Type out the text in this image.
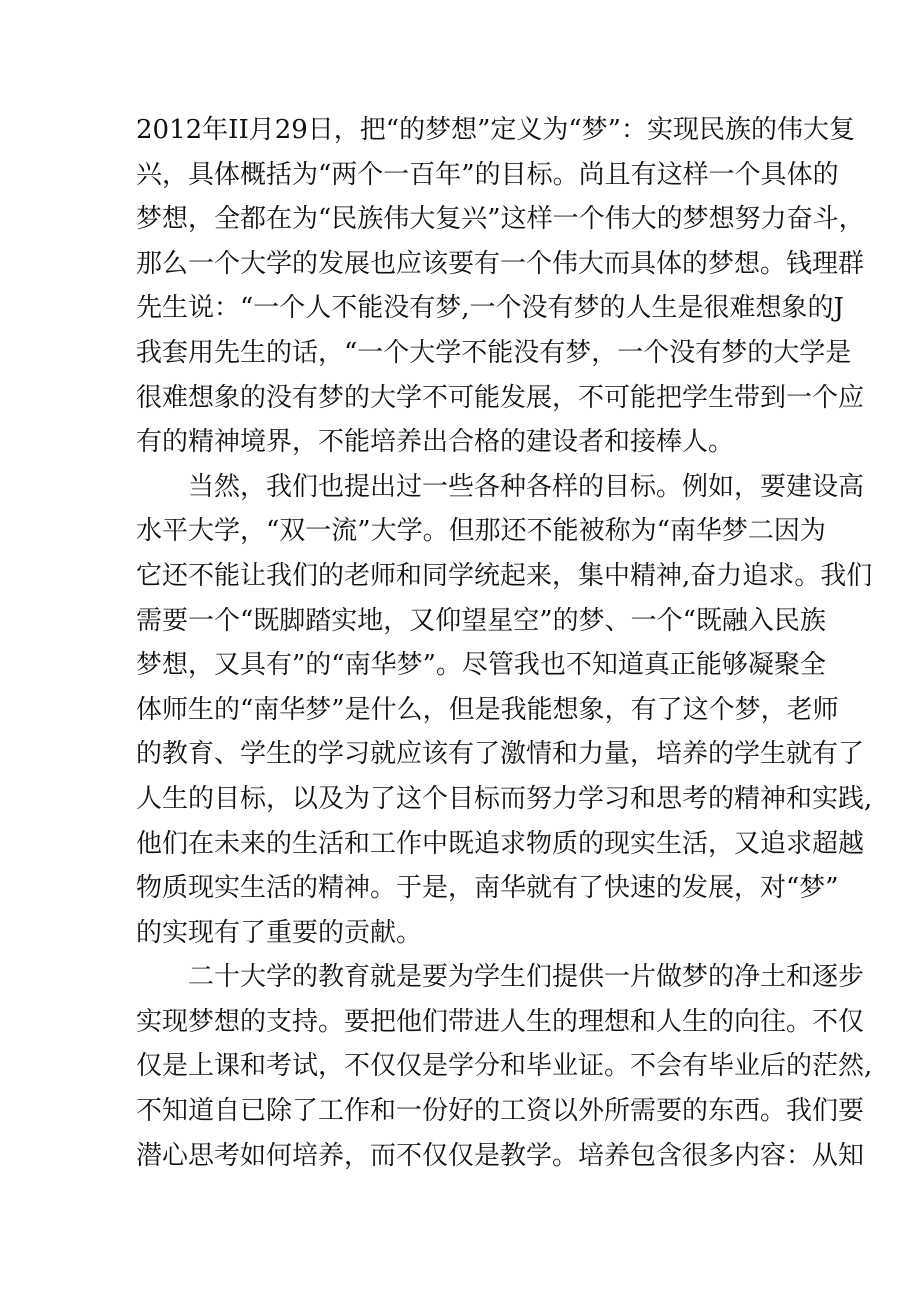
2012年II月29日，把“的梦想”定义为“梦”：实现民族的伟大复
兴，具体概括为“两个一百年”的目标。尚且有这样一个具体的
梦想，全都在为“民族伟大复兴”这样一个伟大的梦想努力奋斗，
那么一个大学的发展也应该要有一个伟大而具体的梦想。钱理群
先生说：“一个人不能没有梦,一个没有梦的人生是很难想象的J
我套用先生的话，“一个大学不能没有梦，一个没有梦的大学是
很难想象的没有梦的大学不可能发展，不可能把学生带到一个应
有的精神境界，不能培养出合格的建设者和接棒人。
当然，我们也提出过一些各种各样的目标。例如，要建设高
水平大学，“双一流”大学。但那还不能被称为“南华梦二因为
它还不能让我们的老师和同学统起来，集中精神,奋力追求。我们
需要一个“既脚踏实地，又仰望星空”的梦、一个“既融入民族
梦想，又具有”的“南华梦”。尽管我也不知道真正能够凝聚全
体师生的“南华梦”是什么，但是我能想象，有了这个梦，老师
的教育、学生的学习就应该有了激情和力量，培养的学生就有了
人生的目标，以及为了这个目标而努力学习和思考的精神和实践,
他们在未来的生活和工作中既追求物质的现实生活，又追求超越
物质现实生活的精神。于是，南华就有了快速的发展，对“梦”
的实现有了重要的贡献。
二十大学的教育就是要为学生们提供一片做梦的净土和逐步
实现梦想的支持。要把他们带进人生的理想和人生的向往。不仅
仅是上课和考试，不仅仅是学分和毕业证。不会有毕业后的茫然,
不知道自已除了工作和一份好的工资以外所需要的东西。我们要
潜心思考如何培养，而不仅仅是教学。培养包含很多内容：从知
